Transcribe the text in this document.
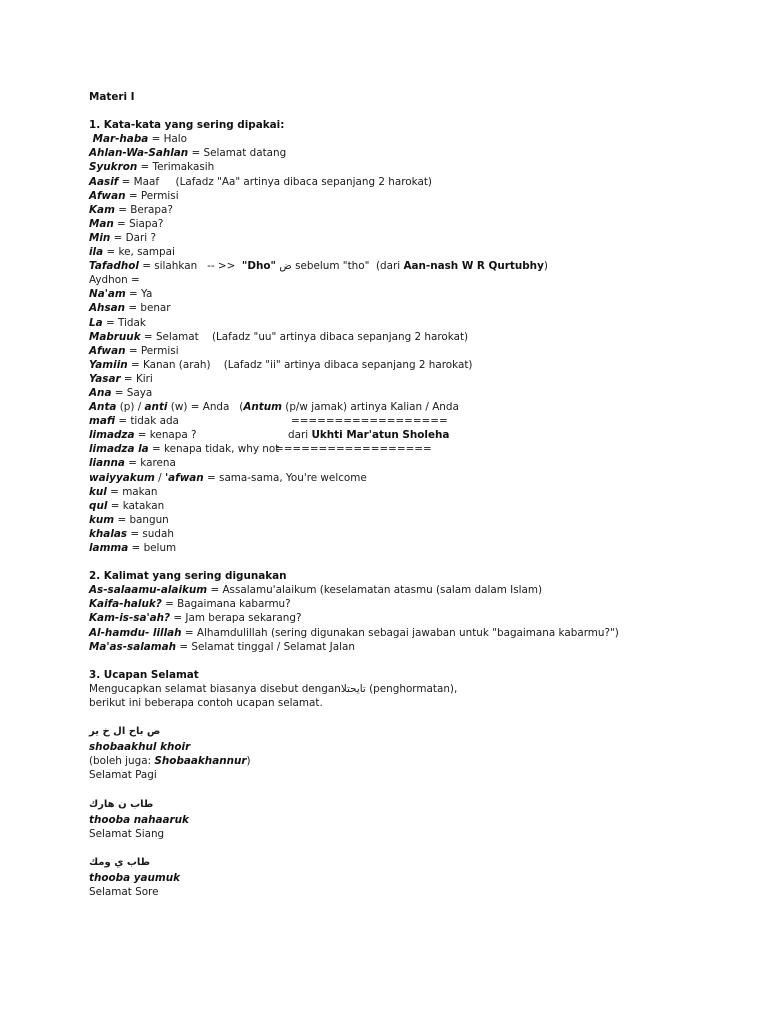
Materi I
1. Kata-kata yang sering dipakai:
Mar-haba = Halo
Ahlan-Wa-Sahlan = Selamat datang
Syukron = Terimakasih
Aasif = Maaf     (Lafadz "Aa" artinya dibaca sepanjang 2 harokat)
Afwan = Permisi
Kam = Berapa?
Man = Siapa?
Min = Dari ?
ila = ke, sampai
Tafadhol = silahkan   -- >>  "Dho" ض sebelum "tho"  (dari Aan-nash W R Qurtubhy)
Aydhon =
Na'am = Ya
Ahsan = benar
La = Tidak
Mabruuk = Selamat    (Lafadz "uu" artinya dibaca sepanjang 2 harokat)
Afwan = Permisi
Yamiin = Kanan (arah)    (Lafadz "ii" artinya dibaca sepanjang 2 harokat)
Yasar = Kiri
Ana = Saya
Anta (p) / anti (w) = Anda   (Antum (p/w jamak) artinya Kalian / Anda
mafi = tidak ada	==================
limadza = kenapa ?	dari Ukhti Mar'atun Sholeha
limadza la = kenapa tidak, why not
==================
lianna = karena
waiyyakum / 'afwan = sama-sama, You're welcome
kul = makan
qul = katakan
kum = bangun
khalas = sudah
lamma = belum
2. Kalimat yang sering digunakan
As-salaamu-alaikum = Assalamu'alaikum (keselamatan atasmu (salam dalam Islam)
Kaifa-haluk? = Bagaimana kabarmu?
Kam-is-sa'ah? = Jam berapa sekarang?
Al-hamdu- lillah = Alhamdulillah (sering digunakan sebagai jawaban untuk "bagaimana kabarmu?")
Ma'as-salamah = Selamat tinggal / Selamat Jalan
3. Ucapan Selamat
Mengucapkan selamat biasanya disebut denganتايحتلا (penghormatan),
berikut ini beberapa contoh ucapan selamat.
ص باح ال خ ير
shobaakhul khoir
(boleh juga: Shobaakhannur)
Selamat Pagi
طاب ن هارك
thooba nahaaruk
Selamat Siang
طاب ي ومك
thooba yaumuk
Selamat Sore
